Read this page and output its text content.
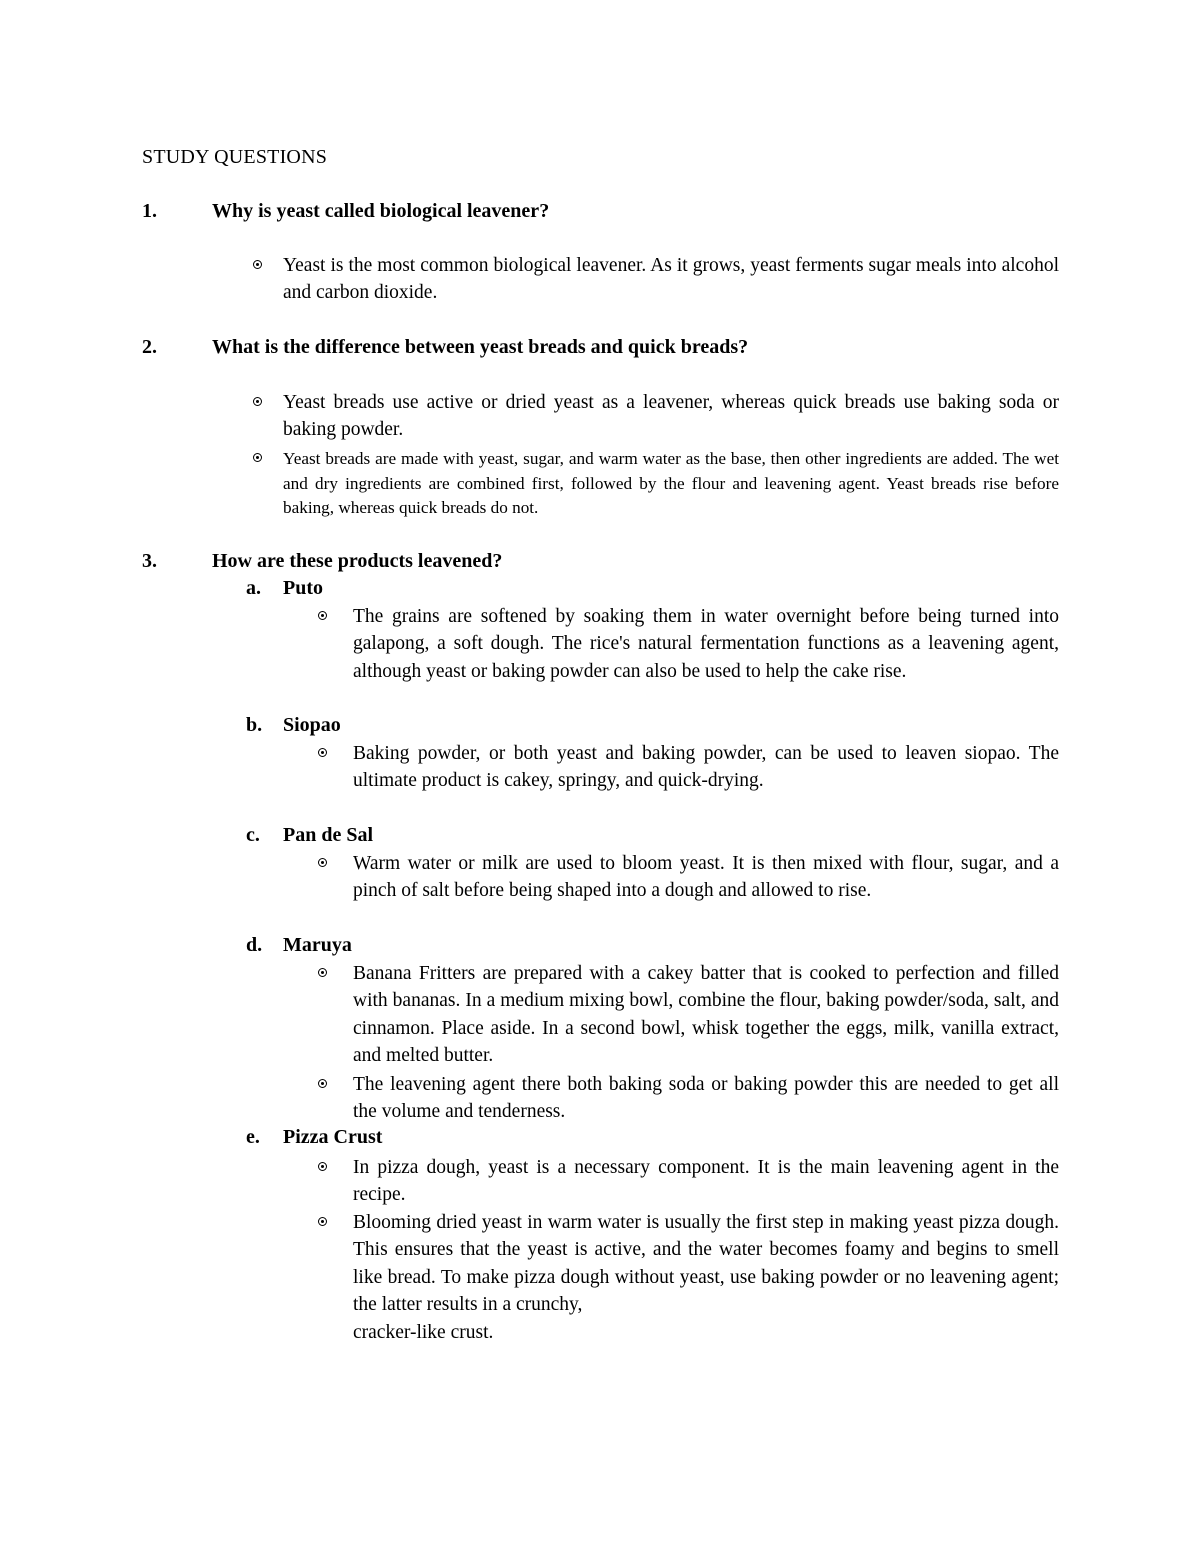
STUDY QUESTIONS
1.	Why is yeast called biological leavener?
Yeast is the most common biological leavener. As it grows, yeast ferments sugar meals into alcohol and carbon dioxide.
2.	What is the difference between yeast breads and quick breads?
Yeast breads use active or dried yeast as a leavener, whereas quick breads use baking soda or baking powder.
Yeast breads are made with yeast, sugar, and warm water as the base, then other ingredients are added. The wet and dry ingredients are combined first, followed by the flour and leavening agent. Yeast breads rise before baking, whereas quick breads do not.
3.	How are these products leavened?
a. Puto
The grains are softened by soaking them in water overnight before being turned into galapong, a soft dough. The rice's natural fermentation functions as a leavening agent, although yeast or baking powder can also be used to help the cake rise.
b. Siopao
Baking powder, or both yeast and baking powder, can be used to leaven siopao. The ultimate product is cakey, springy, and quick-drying.
c. Pan de Sal
Warm water or milk are used to bloom yeast. It is then mixed with flour, sugar, and a pinch of salt before being shaped into a dough and allowed to rise.
d. Maruya
Banana Fritters are prepared with a cakey batter that is cooked to perfection and filled with bananas. In a medium mixing bowl, combine the flour, baking powder/soda, salt, and cinnamon. Place aside. In a second bowl, whisk together the eggs, milk, vanilla extract, and melted butter.
The leavening agent there both baking soda or baking powder this are needed to get all the volume and tenderness.
e. Pizza Crust
In pizza dough, yeast is a necessary component. It is the main leavening agent in the recipe.
Blooming dried yeast in warm water is usually the first step in making yeast pizza dough. This ensures that the yeast is active, and the water becomes foamy and begins to smell like bread. To make pizza dough without yeast, use baking powder or no leavening agent; the latter results in a crunchy,
cracker-like crust.
